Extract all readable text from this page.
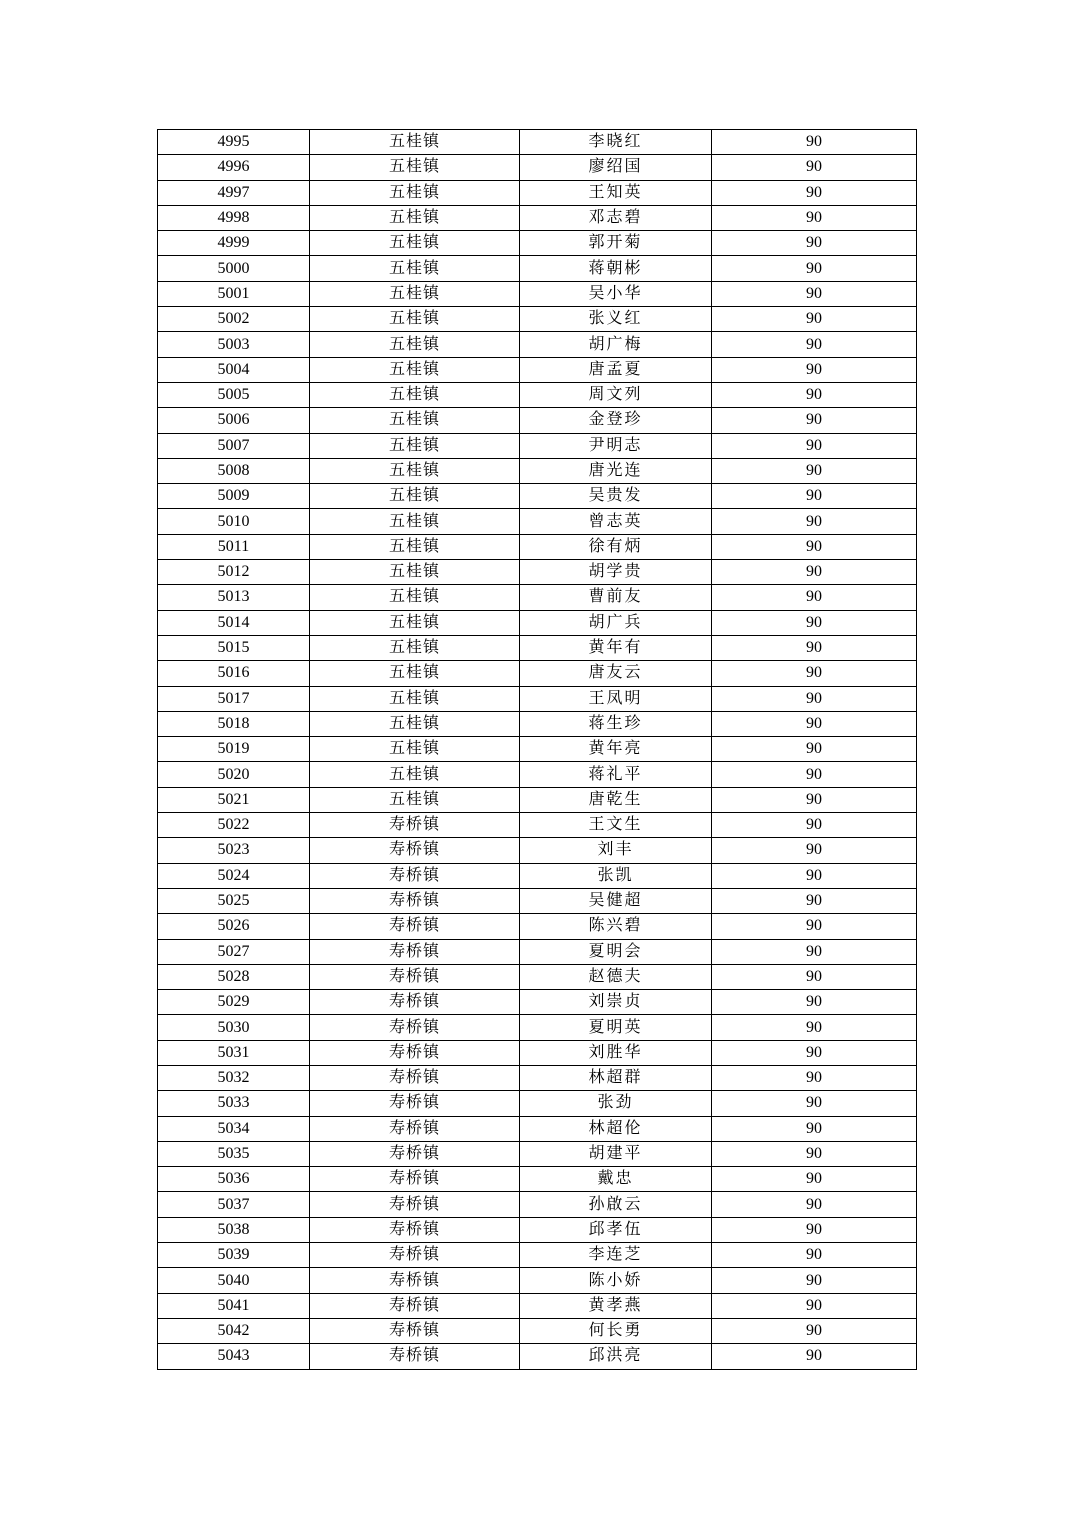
4995	五桂镇	李晓红	90
4996	五桂镇	廖绍国	90
4997	五桂镇	王知英	90
4998	五桂镇	邓志碧	90
4999	五桂镇	郭开菊	90
5000	五桂镇	蒋朝彬	90
5001	五桂镇	吴小华	90
5002	五桂镇	张义红	90
5003	五桂镇	胡广梅	90
5004	五桂镇	唐孟夏	90
5005	五桂镇	周文列	90
5006	五桂镇	金登珍	90
5007	五桂镇	尹明志	90
5008	五桂镇	唐光连	90
5009	五桂镇	吴贵发	90
5010	五桂镇	曾志英	90
5011	五桂镇	徐有炳	90
5012	五桂镇	胡学贵	90
5013	五桂镇	曹前友	90
5014	五桂镇	胡广兵	90
5015	五桂镇	黄年有	90
5016	五桂镇	唐友云	90
5017	五桂镇	王凤明	90
5018	五桂镇	蒋生珍	90
5019	五桂镇	黄年亮	90
5020	五桂镇	蒋礼平	90
5021	五桂镇	唐乾生	90
5022	寿桥镇	王文生	90
5023	寿桥镇	刘丰	90
5024	寿桥镇	张凯	90
5025	寿桥镇	吴健超	90
5026	寿桥镇	陈兴碧	90
5027	寿桥镇	夏明会	90
5028	寿桥镇	赵德夫	90
5029	寿桥镇	刘崇贞	90
5030	寿桥镇	夏明英	90
5031	寿桥镇	刘胜华	90
5032	寿桥镇	林超群	90
5033	寿桥镇	张劲	90
5034	寿桥镇	林超伦	90
5035	寿桥镇	胡建平	90
5036	寿桥镇	戴忠	90
5037	寿桥镇	孙啟云	90
5038	寿桥镇	邱孝伍	90
5039	寿桥镇	李连芝	90
5040	寿桥镇	陈小娇	90
5041	寿桥镇	黄孝燕	90
5042	寿桥镇	何长勇	90
5043	寿桥镇	邱洪亮	90
